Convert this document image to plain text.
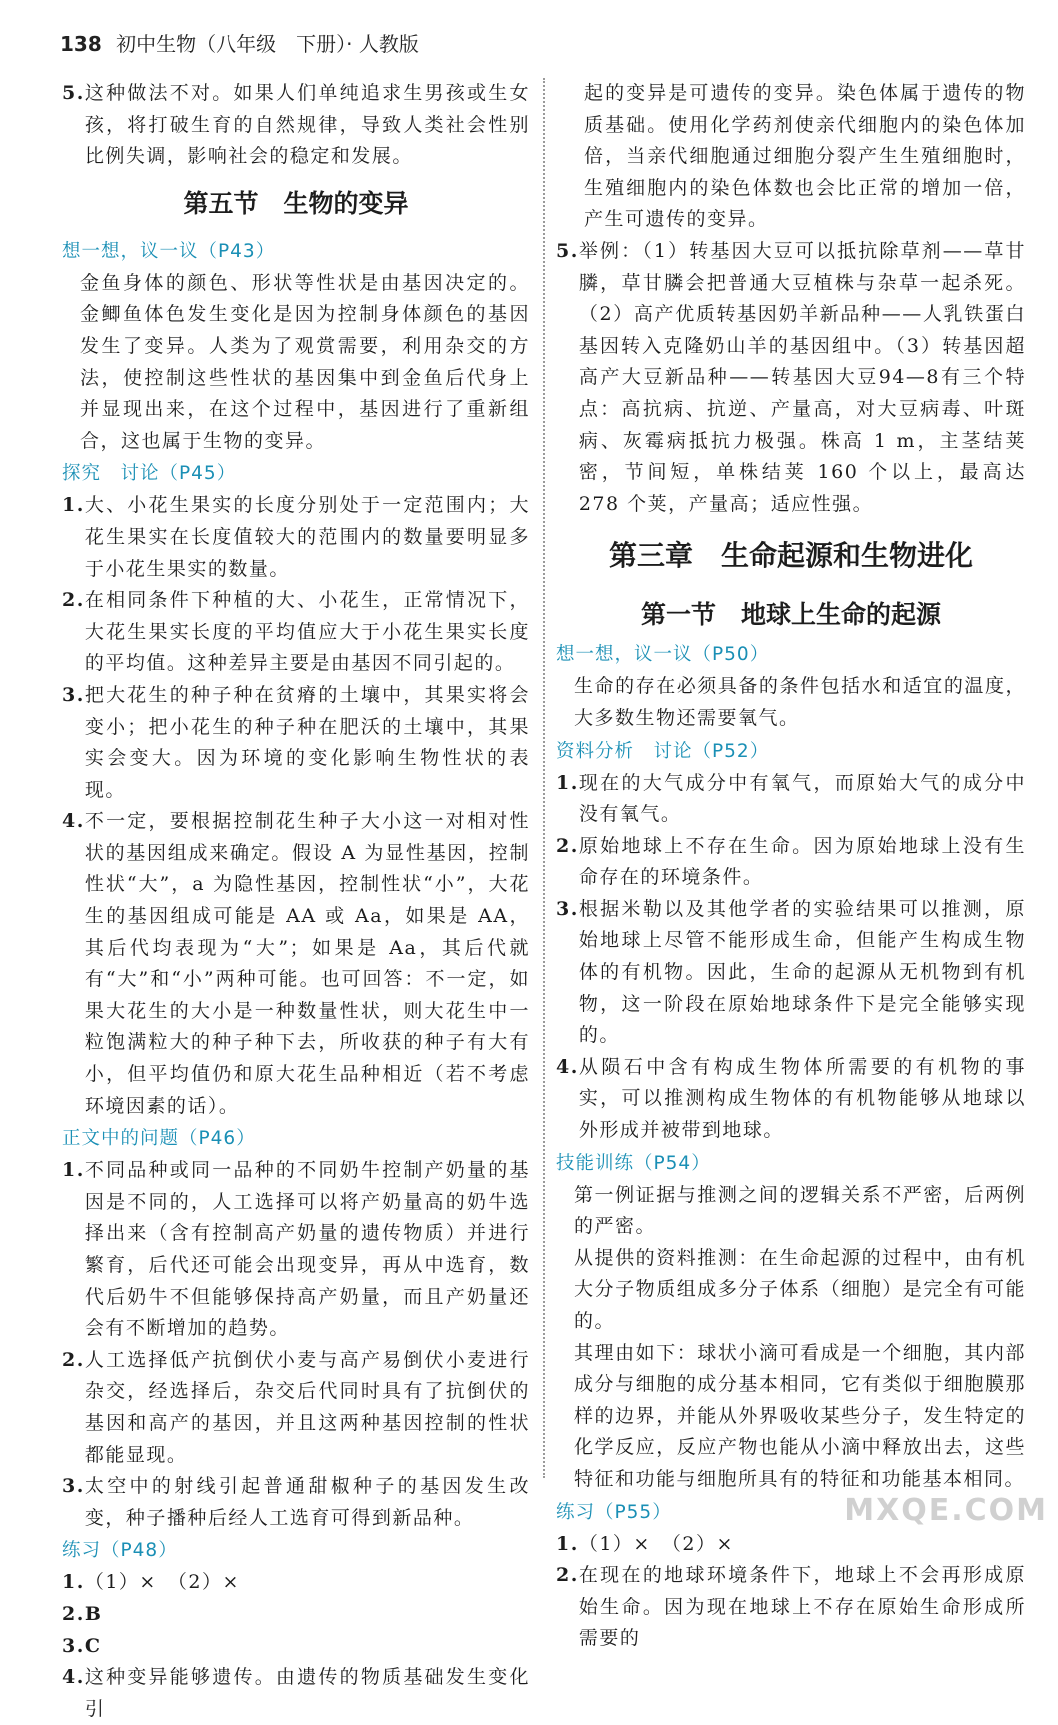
138 初中生物（八年级　下册）· 人教版
5. 这种做法不对。如果人们单纯追求生男孩或生女孩，将打破生育的自然规律，导致人类社会性别比例失调，影响社会的稳定和发展。
第五节　生物的变异
想一想，议一议（P43）

金鱼身体的颜色、形状等性状是由基因决定的。金鲫鱼体色发生变化是因为控制身体颜色的基因发生了变异。人类为了观赏需要，利用杂交的方法，使控制这些性状的基因集中到金鱼后代身上并显现出来，在这个过程中，基因进行了重新组合，这也属于生物的变异。

探究　讨论（P45）
1. 大、小花生果实的长度分别处于一定范围内；大花生果实在长度值较大的范围内的数量要明显多于小花生果实的数量。
2. 在相同条件下种植的大、小花生，正常情况下，大花生果实长度的平均值应大于小花生果实长度的平均值。这种差异主要是由基因不同引起的。
3. 把大花生的种子种在贫瘠的土壤中，其果实将会变小；把小花生的种子种在肥沃的土壤中，其果实会变大。因为环境的变化影响生物性状的表现。
4. 不一定，要根据控制花生种子大小这一对相对性状的基因组成来确定。假设 A 为显性基因，控制性状“大”，a 为隐性基因，控制性状“小”，大花生的基因组成可能是 AA 或 Aa，如果是 AA，其后代均表现为“大”；如果是 Aa，其后代就有“大”和“小”两种可能。也可回答：不一定，如果大花生的大小是一种数量性状，则大花生中一粒饱满粒大的种子种下去，所收获的种子有大有小，但平均值仍和原大花生品种相近（若不考虑环境因素的话）。
正文中的问题（P46）
1. 不同品种或同一品种的不同奶牛控制产奶量的基因是不同的，人工选择可以将产奶量高的奶牛选择出来（含有控制高产奶量的遗传物质）并进行繁育，后代还可能会出现变异，再从中选育，数代后奶牛不但能够保持高产奶量，而且产奶量还会有不断增加的趋势。
2. 人工选择低产抗倒伏小麦与高产易倒伏小麦进行杂交，经选择后，杂交后代同时具有了抗倒伏的基因和高产的基因，并且这两种基因控制的性状都能显现。
3. 太空中的射线引起普通甜椒种子的基因发生改变，种子播种后经人工选育可得到新品种。
练习（P48）
1. （1）×　（2）×
2. B
3. C
4. 这种变异能够遗传。由遗传的物质基础发生变化引

起的变异是可遗传的变异。染色体属于遗传的物质基础。使用化学药剂使亲代细胞内的染色体加倍，当亲代细胞通过细胞分裂产生生殖细胞时，生殖细胞内的染色体数也会比正常的增加一倍，产生可遗传的变异。

5. 举例：（1）转基因大豆可以抵抗除草剂——草甘膦，草甘膦会把普通大豆植株与杂草一起杀死。（2）高产优质转基因奶羊新品种——人乳铁蛋白基因转入克隆奶山羊的基因组中。（3）转基因超高产大豆新品种——转基因大豆94—8有三个特点：高抗病、抗逆、产量高，对大豆病毒、叶斑病、灰霉病抵抗力极强。株高 1 m，主茎结荚密，节间短，单株结荚 160 个以上，最高达 278 个荚，产量高；适应性强。
第三章　生命起源和生物进化
第一节　地球上生命的起源
想一想，议一议（P50）

生命的存在必须具备的条件包括水和适宜的温度，大多数生物还需要氧气。

资料分析　讨论（P52）
1. 现在的大气成分中有氧气，而原始大气的成分中没有氧气。
2. 原始地球上不存在生命。因为原始地球上没有生命存在的环境条件。
3. 根据米勒以及其他学者的实验结果可以推测，原始地球上尽管不能形成生命，但能产生构成生物体的有机物。因此，生命的起源从无机物到有机物，这一阶段在原始地球条件下是完全能够实现的。
4. 从陨石中含有构成生物体所需要的有机物的事实，可以推测构成生物体的有机物能够从地球以外形成并被带到地球。
技能训练（P54）

第一例证据与推测之间的逻辑关系不严密，后两例的严密。

从提供的资料推测：在生命起源的过程中，由有机大分子物质组成多分子体系（细胞）是完全有可能的。

其理由如下：球状小滴可看成是一个细胞，其内部成分与细胞的成分基本相同，它有类似于细胞膜那样的边界，并能从外界吸收某些分子，发生特定的化学反应，反应产物也能从小滴中释放出去，这些特征和功能与细胞所具有的特征和功能基本相同。

练习（P55）
1. （1）×　（2）×
2. 在现在的地球环境条件下，地球上不会再形成原始生命。因为现在地球上不存在原始生命形成所需要的
MXQE.COM
